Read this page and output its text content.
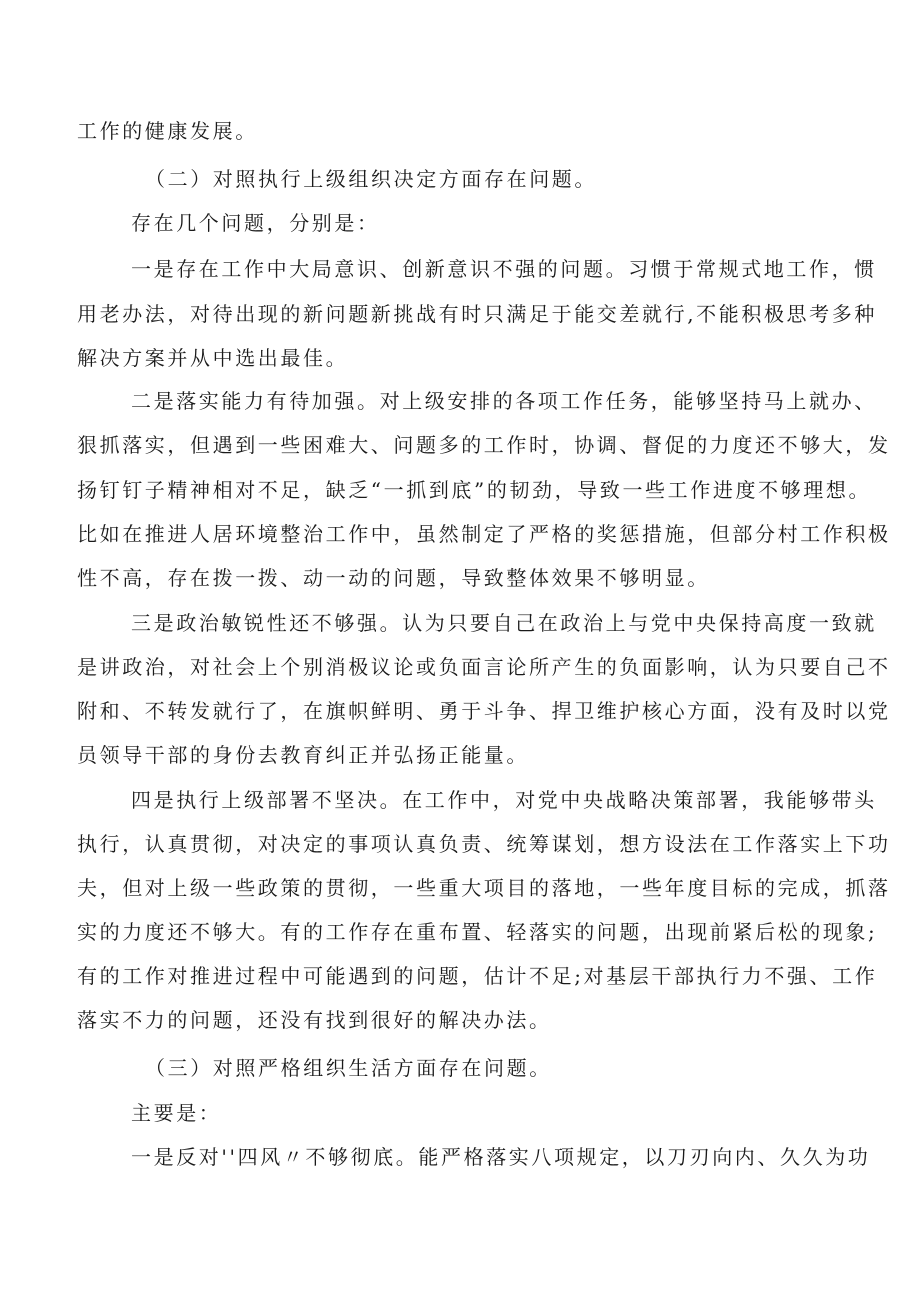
工作的健康发展。
（二）对照执行上级组织决定方面存在问题。
存在几个问题，分别是：
一是存在工作中大局意识、创新意识不强的问题。习惯于常规式地工作，惯
用老办法，对待出现的新问题新挑战有时只满足于能交差就行,不能积极思考多种
解决方案并从中选出最佳。
二是落实能力有待加强。对上级安排的各项工作任务，能够坚持马上就办、
狠抓落实，但遇到一些困难大、问题多的工作时，协调、督促的力度还不够大，发
扬钉钉子精神相对不足，缺乏“一抓到底”的韧劲，导致一些工作进度不够理想。
比如在推进人居环境整治工作中，虽然制定了严格的奖惩措施，但部分村工作积极
性不高，存在拨一拨、动一动的问题，导致整体效果不够明显。
三是政治敏锐性还不够强。认为只要自己在政治上与党中央保持高度一致就
是讲政治，对社会上个别消极议论或负面言论所产生的负面影响，认为只要自己不
附和、不转发就行了，在旗帜鲜明、勇于斗争、捍卫维护核心方面，没有及时以党
员领导干部的身份去教育纠正并弘扬正能量。
四是执行上级部署不坚决。在工作中，对党中央战略决策部署，我能够带头
执行，认真贯彻，对决定的事项认真负责、统筹谋划，想方设法在工作落实上下功
夫，但对上级一些政策的贯彻，一些重大项目的落地，一些年度目标的完成，抓落
实的力度还不够大。有的工作存在重布置、轻落实的问题，出现前紧后松的现象;
有的工作对推进过程中可能遇到的问题，估计不足;对基层干部执行力不强、工作
落实不力的问题，还没有找到很好的解决办法。
（三）对照严格组织生活方面存在问题。
主要是：
一是反对''四风〃不够彻底。能严格落实八项规定，以刀刃向内、久久为功
